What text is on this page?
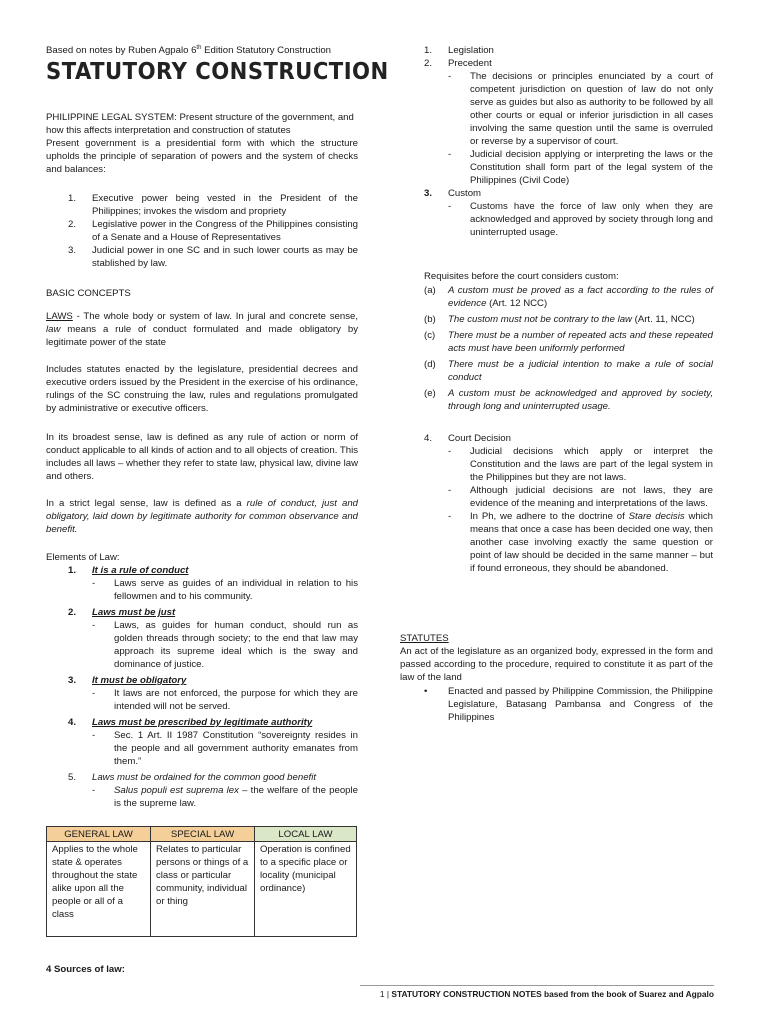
Based on notes by Ruben Agpalo 6th Edition Statutory Construction
STATUTORY CONSTRUCTION

PHILIPPINE LEGAL SYSTEM: Present structure of the government, and how this affects interpretation and construction of statutes

Present government is a presidential form with which the structure upholds the principle of separation of powers and the system of checks and balances:

1.	Executive power being vested in the President of the Philippines; invokes the wisdom and propriety
2.	Legislative power in the Congress of the Philippines consisting of a Senate and a House of Representatives
3.	Judicial power in one SC and in such lower courts as may be stablished by law.

BASIC CONCEPTS

LAWS - The whole body or system of law. In jural and concrete sense, law means a rule of conduct formulated and made obligatory by legitimate power of the state

Includes statutes enacted by the legislature, presidential decrees and executive orders issued by the President in the exercise of his ordinance, rulings of the SC construing the law, rules and regulations promulgated by administrative or executive officers.

In its broadest sense, law is defined as any rule of action or norm of conduct applicable to all kinds of action and to all objects of creation. This includes all laws – whether they refer to state law, physical law, divine law and others.

In a strict legal sense, law is defined as a rule of conduct, just and obligatory, laid down by legitimate authority for common observance and benefit.

Elements of Law:

1.	It is a rule of conduct
-	Laws serve as guides of an individual in relation to his fellowmen and to his community.
2.	Laws must be just
-	Laws, as guides for human conduct, should run as golden threads through society; to the end that law may approach its supreme ideal which is the sway and dominance of justice.
3.	It must be obligatory
-	It laws are not enforced, the purpose for which they are intended will not be served.
4.	Laws must be prescribed by legitimate authority
-	Sec. 1 Art. II 1987 Constitution “sovereignty resides in the people and all government authority emanates from them.”
5.	Laws must be ordained for the common good benefit
-	Salus populi est suprema lex – the welfare of the people is the supreme law.
GENERAL LAW	SPECIAL LAW	LOCAL LAW
Applies to the whole state & operates throughout the state alike upon all the people or all of a class	Relates to particular persons or things of a class or particular community, individual or thing	Operation is confined to a specific place or locality (municipal ordinance)

4 Sources of law:

1.	Legislation
2.	Precedent
-	The decisions or principles enunciated by a court of competent jurisdiction on question of law do not only serve as guides but also as authority to be followed by all other courts or equal or inferior jurisdiction in all cases involving the same question until the same is overruled or reverse by a supervisor of court.
-	Judicial decision applying or interpreting the laws or the Constitution shall form part of the legal system of the Philippines (Civil Code)
3.	Custom
-	Customs have the force of law only when they are acknowledged and approved by society through long and uninterrupted usage.

Requisites before the court considers custom:

(a)	A custom must be proved as a fact according to the rules of evidence (Art. 12 NCC)
(b)	The custom must not be contrary to the law (Art. 11, NCC)
(c)	There must be a number of repeated acts and these repeated acts must have been uniformly performed
(d)	There must be a judicial intention to make a rule of social conduct
(e)	A custom must be acknowledged and approved by society, through long and uninterrupted usage.
4.	Court Decision
-	Judicial decisions which apply or interpret the Constitution and the laws are part of the legal system in the Philippines but they are not laws.
-	Although judicial decisions are not laws, they are evidence of the meaning and interpretations of the laws.
-	In Ph, we adhere to the doctrine of Stare decisis which means that once a case has been decided one way, then another case involving exactly the same question or point of law should be decided in the same manner – but if found erroneous, they should be abandoned.

STATUTES

An act of the legislature as an organized body, expressed in the form and passed according to the procedure, required to constitute it as part of the law of the land

•	Enacted and passed by Philippine Commission, the Philippine Legislature, Batasang Pambansa and Congress of the Philippines
1 | STATUTORY CONSTRUCTION NOTES based from the book of Suarez and Agpalo
